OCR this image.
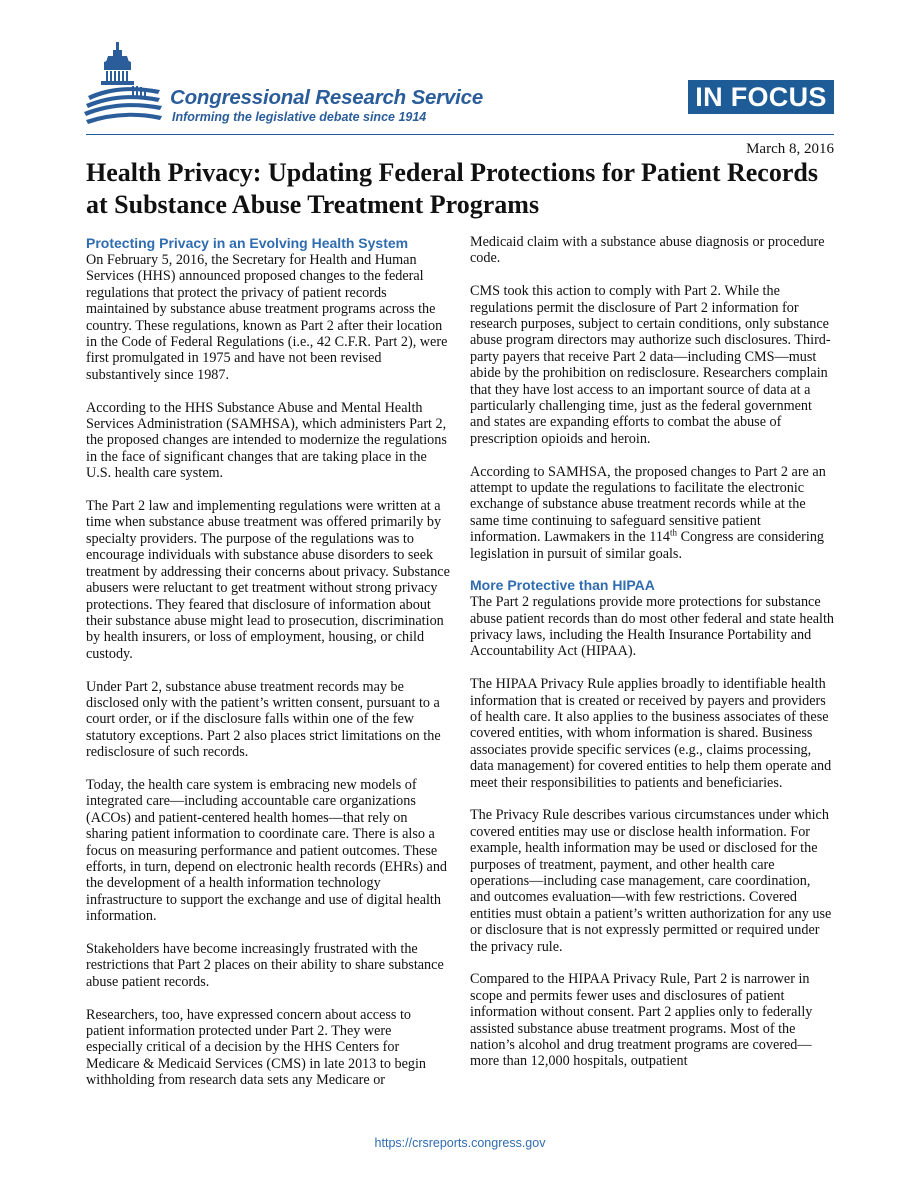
Congressional Research Service
Informing the legislative debate since 1914
IN FOCUS
March 8, 2016
Health Privacy: Updating Federal Protections for Patient Records at Substance Abuse Treatment Programs
Protecting Privacy in an Evolving Health System

On February 5, 2016, the Secretary for Health and Human Services (HHS) announced proposed changes to the federal regulations that protect the privacy of patient records maintained by substance abuse treatment programs across the country. These regulations, known as Part 2 after their location in the Code of Federal Regulations (i.e., 42 C.F.R. Part 2), were first promulgated in 1975 and have not been revised substantively since 1987.

According to the HHS Substance Abuse and Mental Health Services Administration (SAMHSA), which administers Part 2, the proposed changes are intended to modernize the regulations in the face of significant changes that are taking place in the U.S. health care system.

The Part 2 law and implementing regulations were written at a time when substance abuse treatment was offered primarily by specialty providers. The purpose of the regulations was to encourage individuals with substance abuse disorders to seek treatment by addressing their concerns about privacy. Substance abusers were reluctant to get treatment without strong privacy protections. They feared that disclosure of information about their substance abuse might lead to prosecution, discrimination by health insurers, or loss of employment, housing, or child custody.

Under Part 2, substance abuse treatment records may be disclosed only with the patient’s written consent, pursuant to a court order, or if the disclosure falls within one of the few statutory exceptions. Part 2 also places strict limitations on the redisclosure of such records.

Today, the health care system is embracing new models of integrated care—including accountable care organizations (ACOs) and patient-centered health homes—that rely on sharing patient information to coordinate care. There is also a focus on measuring performance and patient outcomes. These efforts, in turn, depend on electronic health records (EHRs) and the development of a health information technology infrastructure to support the exchange and use of digital health information.

Stakeholders have become increasingly frustrated with the restrictions that Part 2 places on their ability to share substance abuse patient records.

Researchers, too, have expressed concern about access to patient information protected under Part 2. They were especially critical of a decision by the HHS Centers for Medicare & Medicaid Services (CMS) in late 2013 to begin withholding from research data sets any Medicare or

Medicaid claim with a substance abuse diagnosis or procedure code.

CMS took this action to comply with Part 2. While the regulations permit the disclosure of Part 2 information for research purposes, subject to certain conditions, only substance abuse program directors may authorize such disclosures. Third-party payers that receive Part 2 data—including CMS—must abide by the prohibition on redisclosure. Researchers complain that they have lost access to an important source of data at a particularly challenging time, just as the federal government and states are expanding efforts to combat the abuse of prescription opioids and heroin.

According to SAMHSA, the proposed changes to Part 2 are an attempt to update the regulations to facilitate the electronic exchange of substance abuse treatment records while at the same time continuing to safeguard sensitive patient information. Lawmakers in the 114th Congress are considering legislation in pursuit of similar goals.

More Protective than HIPAA

The Part 2 regulations provide more protections for substance abuse patient records than do most other federal and state health privacy laws, including the Health Insurance Portability and Accountability Act (HIPAA).

The HIPAA Privacy Rule applies broadly to identifiable health information that is created or received by payers and providers of health care. It also applies to the business associates of these covered entities, with whom information is shared. Business associates provide specific services (e.g., claims processing, data management) for covered entities to help them operate and meet their responsibilities to patients and beneficiaries.

The Privacy Rule describes various circumstances under which covered entities may use or disclose health information. For example, health information may be used or disclosed for the purposes of treatment, payment, and other health care operations—including case management, care coordination, and outcomes evaluation—with few restrictions. Covered entities must obtain a patient’s written authorization for any use or disclosure that is not expressly permitted or required under the privacy rule.

Compared to the HIPAA Privacy Rule, Part 2 is narrower in scope and permits fewer uses and disclosures of patient information without consent. Part 2 applies only to federally assisted substance abuse treatment programs. Most of the nation’s alcohol and drug treatment programs are covered—more than 12,000 hospitals, outpatient

https://crsreports.congress.gov
